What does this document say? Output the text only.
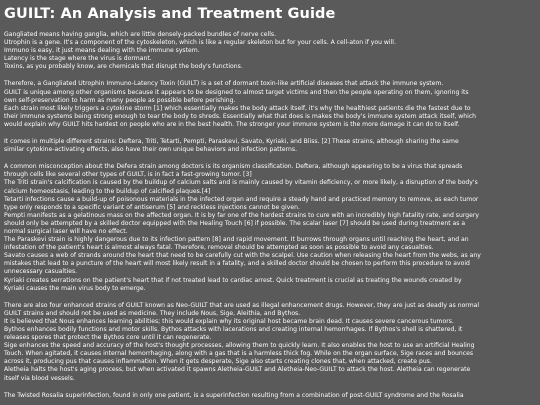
GUILT: An Analysis and Treatment Guide
Gangliated means having ganglia, which are little densely-packed bundles of nerve cells.
Utrophin is a gene. It's a component of the cytoskeleton, which is like a regular skeleton but for your cells. A cell-aton if you will.
Immuno is easy, it just means dealing with the immune system.
Latency is the stage where the virus is dormant.
Toxins, as you probably know, are chemicals that disrupt the body's functions.
Therefore, a Gangliated Utrophin Immuno-Latency Toxin (GUILT) is a set of dormant toxin-like artificial diseases that attack the immune system.
GUILT is unique among other organisms because it appears to be designed to almost target victims and then the people operating on them, ignoring its
own self-preservation to harm as many people as possible before perishing.
Each strain most likely triggers a cytokine storm [1] which essentially makes the body attack itself, it's why the healthiest patients die the fastest due to
their immune systems being strong enough to tear the body to shreds. Essentially what that does is makes the body's immune system attack itself, which
would explain why GUILT hits hardest on people who are in the best health. The stronger your immune system is the more damage it can do to itself.
It comes in multiple different strains: Deftera, Triti, Tetarti, Pempti, Paraskevi, Savato, Kyriaki, and Bliss. [2] These strains, although sharing the same
similar cytokine-activating effects, also have their own unique behaviors and infection patterns.
A common misconception about the Defera strain among doctors is its organism classification. Deftera, although appearing to be a virus that spreads
through cells like several other types of GUILT, is in fact a fast-growing tumor. [3]
The Triti strain's calcification is caused by the buildup of calcium salts and is mainly caused by vitamin deficiency, or more likely, a disruption of the body's
calcium homeostasis, leading to the buildup of calcified plaques.[4]
Tetarti infections cause a build-up of poisonous materials in the infected organ and require a steady hand and practiced memory to remove, as each tumor
type only responds to a specific variant of antiserum [5] and reckless injections cannot be given.
Pempti manifests as a gelatinous mass on the affected organ. It is by far one of the hardest strains to cure with an incredibly high fatality rate, and surgery
should only be attempted by a skilled doctor equipped with the Healing Touch [6] if possible. The scalar laser [7] should be used during treatment as a
normal surgical laser will have no effect.
The Paraskevi strain is highly dangerous due to its infection pattern [8] and rapid movement. It burrows through organs until reaching the heart, and an
infestation of the patient's heart is almost always fatal. Therefore, removal should be attempted as soon as possible to avoid any casualties.
Savato causes a web of strands around the heart that need to be carefully cut with the scalpel. Use caution when releasing the heart from the webs, as any
mistakes that lead to a puncture of the heart will most likely result in a fatality, and a skilled doctor should be chosen to perform this procedure to avoid
unnecessary casualties.
Kyriaki creates serrations on the patient's heart that if not treated lead to cardiac arrest. Quick treatment is crucial as treating the wounds created by
Kyriaki causes the main virus body to emerge.
There are also four enhanced strains of GUILT known as Neo-GUILT that are used as illegal enhancement drugs. However, they are just as deadly as normal
GUILT strains and should not be used as medicine. They include Nous, Sige, Aleithia, and Bythos.
It is believed that Nous enhances learning abilities; this would explain why its original host became brain dead. It causes severe cancerous tumors.
Bythos enhances bodily functions and motor skills. Bythos attacks with lacerations and creating internal hemorrhages. If Bythos's shell is shattered, it
releases spores that protect the Bythos core until it can regenerate.
Sige enhances the speed and accuracy of the host's thought processes, allowing them to quickly learn. It also enables the host to use an artificial Healing
Touch. When agitated, it causes internal hemorrhaging, along with a gas that is a harmless thick fog. While on the organ surface, Sige races and bounces
across it, producing pus that causes inflammation. When it gets desperate, Sige also starts creating clones that, when attacked, create pus.
Aletheia halts the host's aging process, but when activated it spawns Aletheia-GUILT and Aletheia-Neo-GUILT to attack the host. Aletheia can regenerate
itself via blood vessels.
The Twisted Rosalia superinfection, found in only one patient, is a superinfection resulting from a combination of post-GUILT syndrome and the Rosalia
